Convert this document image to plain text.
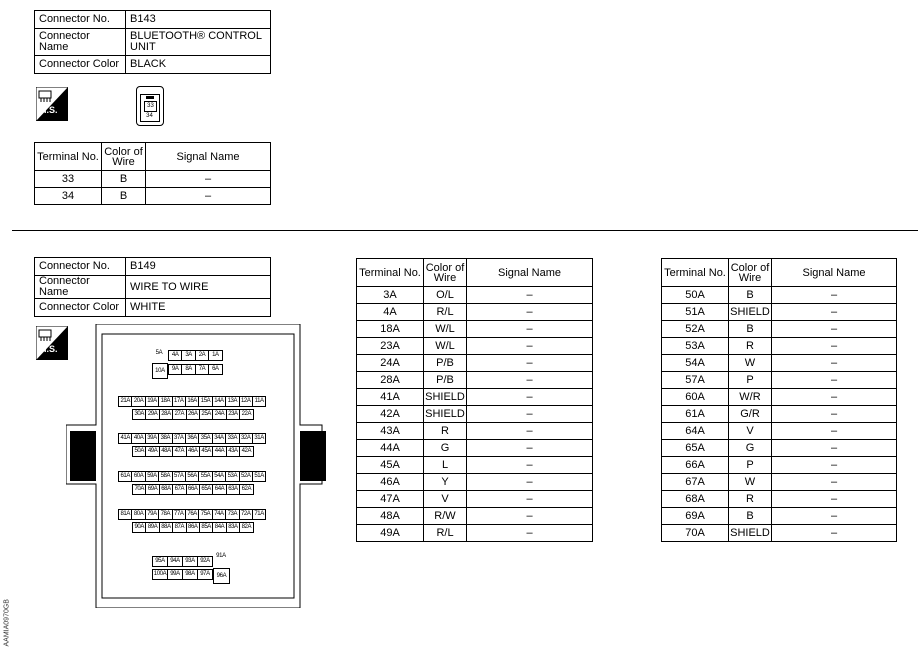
Connector No.	B143
Connector Name	BLUETOOTH® CONTROL UNIT
Connector Color	BLACK
H.S.	33
34
Terminal No.	Color of Wire	Signal Name
33	B	–
34	B	–
Connector No.	B149
Connector Name	WIRE TO WIRE
Connector Color	WHITE
H.S.	5A
10A
4A	3A	2A	1A
9A	8A	7A	6A
21A 20A 19A 18A 17A 16A 15A 14A 13A 12A 11A
30A 29A 28A 27A 26A 25A 24A 23A 22A
41A 40A 39A 38A 37A 36A 35A 34A 33A 32A 31A
50A 49A 48A 47A 46A 45A 44A 43A 42A
61A 60A 59A 58A 57A 56A 55A 54A 53A 52A 51A
70A 69A 68A 67A 66A 65A 64A 63A 62A
81A 80A 79A 78A 77A 76A 75A 74A 73A 72A 71A
90A 89A 88A 87A 86A 85A 84A 83A 82A
95A 94A 93A 92A
100A 99A 98A 97A
91A
96A
Terminal No.	Color of Wire	Signal Name
3A	O/L	–
4A	R/L	–
18A	W/L	–
23A	W/L	–
24A	P/B	–
28A	P/B	–
41A	SHIELD	–
42A	SHIELD	–
43A	R	–
44A	G	–
45A	L	–
46A	Y	–
47A	V	–
48A	R/W	–
49A	R/L	–
Terminal No.	Color of Wire	Signal Name
50A	B	–
51A	SHIELD	–
52A	B	–
53A	R	–
54A	W	–
57A	P	–
60A	W/R	–
61A	G/R	–
64A	V	–
65A	G	–
66A	P	–
67A	W	–
68A	R	–
69A	B	–
70A	SHIELD	–
AAMIA0970GB
